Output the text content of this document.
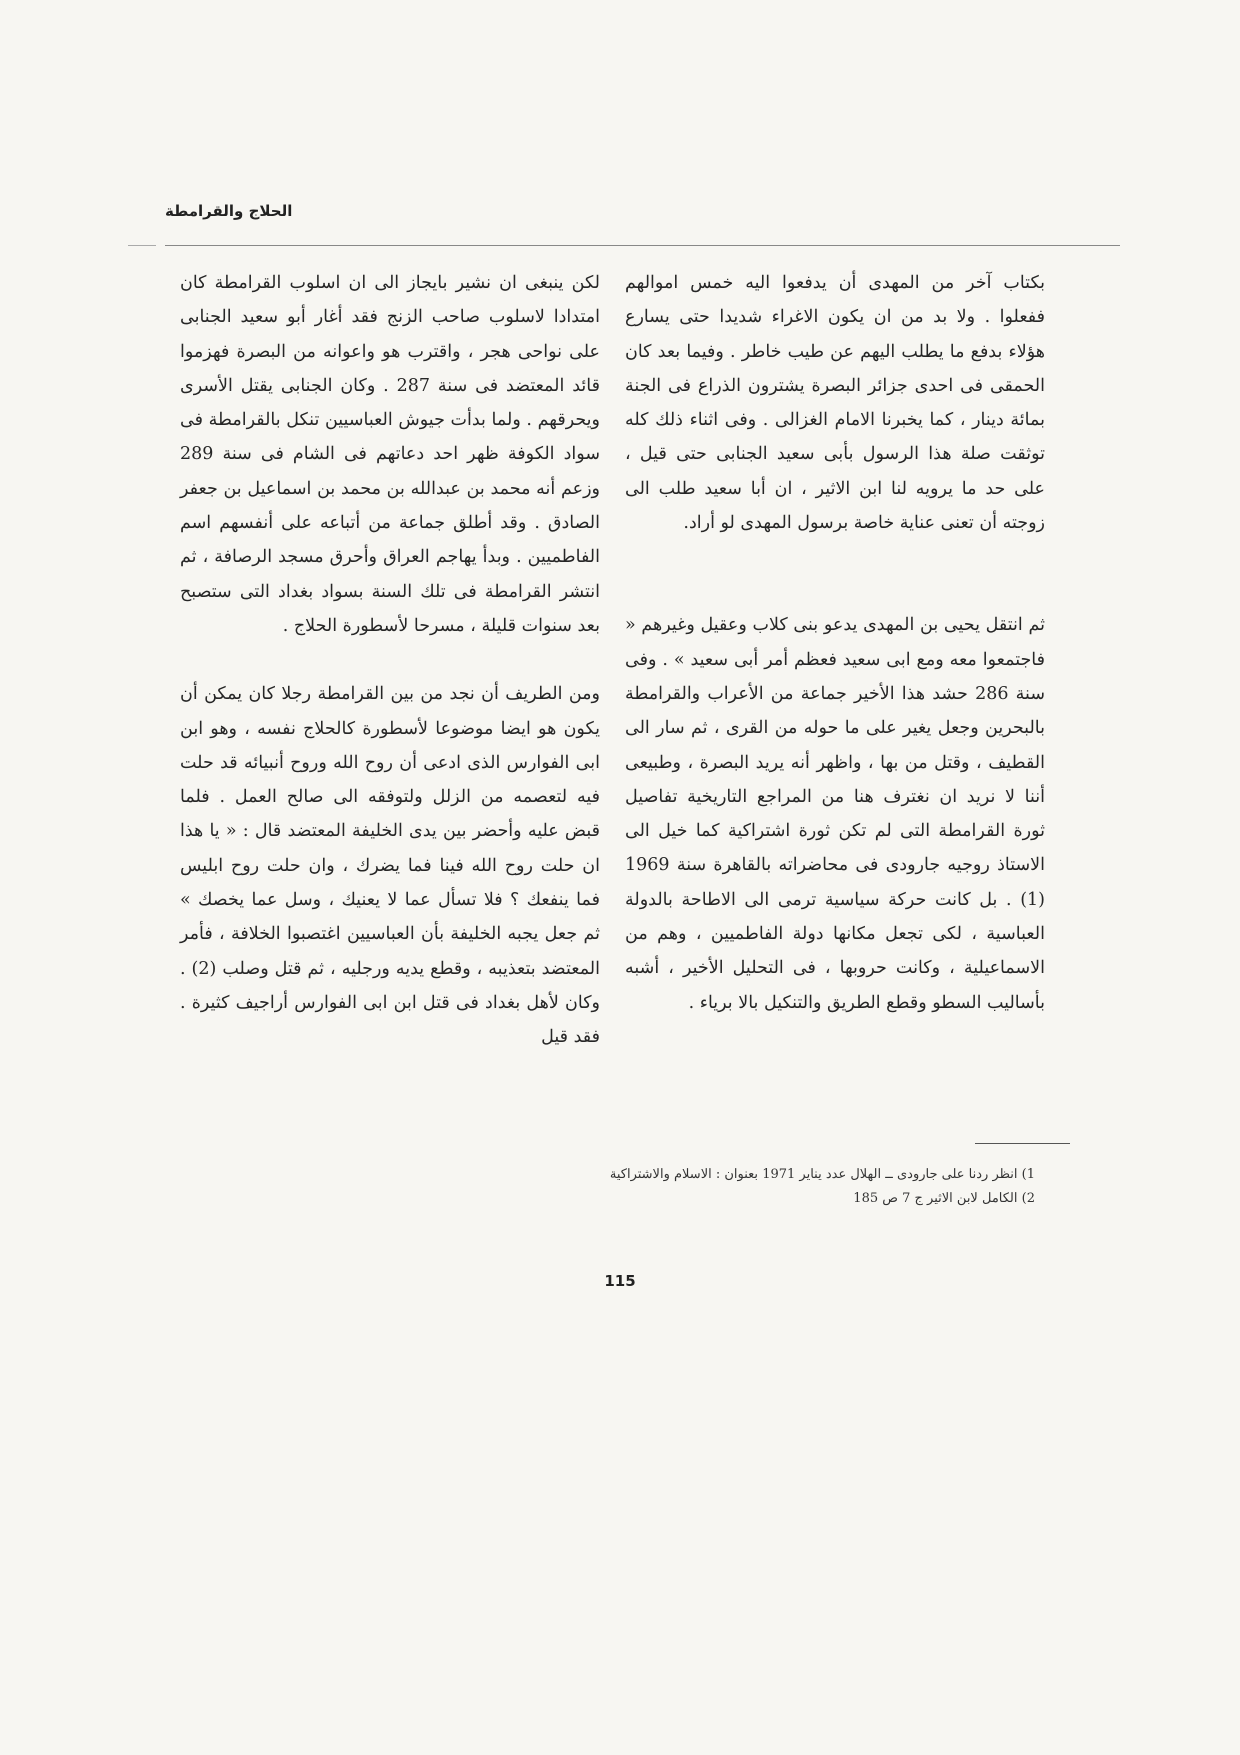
الحلاج والقرامطة

بكتاب آخر من المهدى أن يدفعوا اليه خمس اموالهم ففعلوا . ولا بد من ان يكون الاغراء شديدا حتى يسارع هؤلاء بدفع ما يطلب اليهم عن طيب خاطر . وفيما بعد كان الحمقى فى احدى جزائر البصرة يشترون الذراع فى الجنة بمائة دينار ، كما يخبرنا الامام الغزالى . وفى اثناء ذلك كله توثقت صلة هذا الرسول بأبى سعيد الجنابى حتى قيل ، على حد ما يرويه لنا ابن الاثير ، ان أبا سعيد طلب الى زوجته أن تعنى عناية خاصة برسول المهدى لو أراد.

ثم انتقل يحيى بن المهدى يدعو بنى كلاب وعقيل وغيرهم « فاجتمعوا معه ومع ابى سعيد فعظم أمر أبى سعيد » . وفى سنة 286 حشد هذا الأخير جماعة من الأعراب والقرامطة بالبحرين وجعل يغير على ما حوله من القرى ، ثم سار الى القطيف ، وقتل من بها ، واظهر أنه يريد البصرة ، وطبيعى أننا لا نريد ان نغترف هنا من المراجع التاريخية تفاصيل ثورة القرامطة التى لم تكن ثورة اشتراكية كما خيل الى الاستاذ روجيه جارودى فى محاضراته بالقاهرة سنة 1969 (1) . بل كانت حركة سياسية ترمى الى الاطاحة بالدولة العباسية ، لكى تجعل مكانها دولة الفاطميين ، وهم من الاسماعيلية ، وكانت حروبها ، فى التحليل الأخير ، أشبه بأساليب السطو وقطع الطريق والتنكيل بالا برياء .

لكن ينبغى ان نشير بايجاز الى ان اسلوب القرامطة كان امتدادا لاسلوب صاحب الزنج فقد أغار أبو سعيد الجنابى على نواحى هجر ، واقترب هو واعوانه من البصرة فهزموا قائد المعتضد فى سنة 287 . وكان الجنابى يقتل الأسرى ويحرقهم . ولما بدأت جيوش العباسيين تنكل بالقرامطة فى سواد الكوفة ظهر احد دعاتهم فى الشام فى سنة 289 وزعم أنه محمد بن عبدالله بن محمد بن اسماعيل بن جعفر الصادق . وقد أطلق جماعة من أتباعه على أنفسهم اسم الفاطميين . وبدأ يهاجم العراق وأحرق مسجد الرصافة ، ثم انتشر القرامطة فى تلك السنة بسواد بغداد التى ستصبح بعد سنوات قليلة ، مسرحا لأسطورة الحلاج .

ومن الطريف أن نجد من بين القرامطة رجلا كان يمكن أن يكون هو ايضا موضوعا لأسطورة كالحلاج نفسه ، وهو ابن ابى الفوارس الذى ادعى أن روح الله وروح أنبيائه قد حلت فيه لتعصمه من الزلل ولتوفقه الى صالح العمل . فلما قبض عليه وأحضر بين يدى الخليفة المعتضد قال : « يا هذا ان حلت روح الله فينا فما يضرك ، وان حلت روح ابليس فما ينفعك ؟ فلا تسأل عما لا يعنيك ، وسل عما يخصك » ثم جعل يجبه الخليفة بأن العباسيين اغتصبوا الخلافة ، فأمر المعتضد بتعذيبه ، وقطع يديه ورجليه ، ثم قتل وصلب (2) . وكان لأهل بغداد فى قتل ابن ابى الفوارس أراجيف كثيرة . فقد قيل

1) انظر ردنا على جارودى ــ الهلال عدد يناير 1971 بعنوان : الاسلام والاشتراكية
2) الكامل لابن الاثير ج 7 ص 185
115
